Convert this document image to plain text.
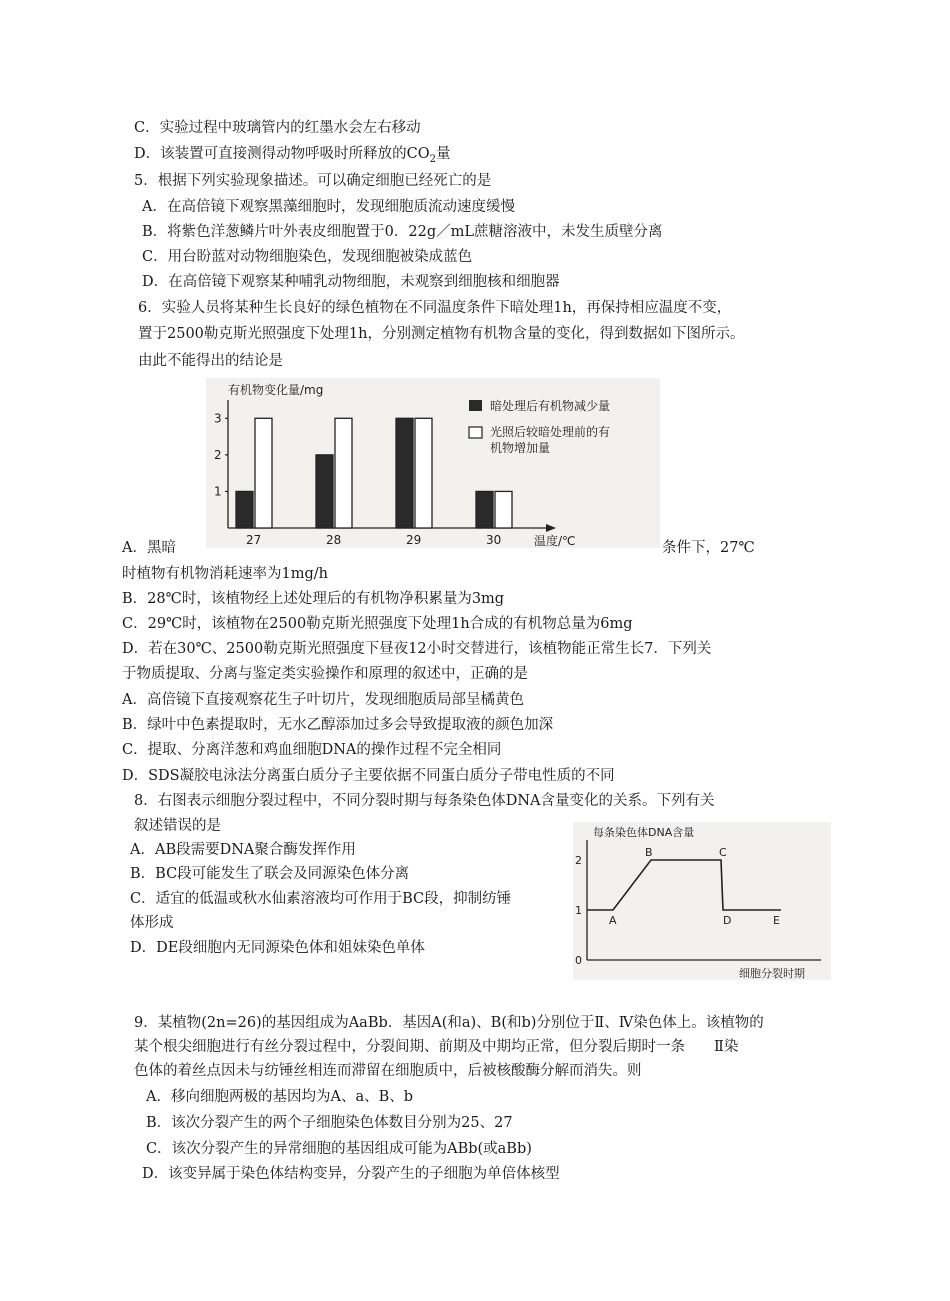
C．实验过程中玻璃管内的红墨水会左右移动
D．该装置可直接测得动物呼吸时所释放的$CO_2$量
5．根据下列实验现象描述。可以确定细胞已经死亡的是
A．在高倍镜下观察黑藻细胞时，发现细胞质流动速度缓慢
B．将紫色洋葱鳞片叶外表皮细胞置于0．22g／mL蔗糖溶液中，未发生质壁分离
C．用台盼蓝对动物细胞染色，发现细胞被染成蓝色
D．在高倍镜下观察某种哺乳动物细胞，未观察到细胞核和细胞器
6．实验人员将某种生长良好的绿色植物在不同温度条件下暗处理1h，再保持相应温度不变，
置于2500勒克斯光照强度下处理1h，分别测定植物有机物含量的变化，得到数据如下图所示。
由此不能得出的结论是
有机物变化量/mg
1
2
3
27	28	29	30	温度/℃
暗处理后有机物减少量
光照后较暗处理前的有
机物增加量
A．黑暗	条件下，27℃
时植物有机物消耗速率为1mg/h
B．28℃时，该植物经上述处理后的有机物净积累量为3mg
C．29℃时，该植物在2500勒克斯光照强度下处理1h合成的有机物总量为6mg
D．若在30℃、2500勒克斯光照强度下昼夜12小时交替进行，该植物能正常生长7．下列关
于物质提取、分离与鉴定类实验操作和原理的叙述中，正确的是
A．高倍镜下直接观察花生子叶切片，发现细胞质局部呈橘黄色
B．绿叶中色素提取时，无水乙醇添加过多会导致提取液的颜色加深
C．提取、分离洋葱和鸡血细胞DNA的操作过程不完全相同
D．SDS凝胶电泳法分离蛋白质分子主要依据不同蛋白质分子带电性质的不同
8．右图表示细胞分裂过程中，不同分裂时期与每条染色体DNA含量变化的关系。下列有关
叙述错误的是
A．AB段需要DNA聚合酶发挥作用
B．BC段可能发生了联会及同源染色体分离
C．适宜的低温或秋水仙素溶液均可作用于BC段，抑制纺锤
体形成
D．DE段细胞内无同源染色体和姐妹染色单体
每条染色体DNA含量
0
1
2
A
B	C
D	E
细胞分裂时期
9．某植物(2n=26)的基因组成为AaBb．基因A(和a)、B(和b)分别位于Ⅱ、Ⅳ染色体上。该植物的
某个根尖细胞进行有丝分裂过程中，分裂间期、前期及中期均正常，但分裂后期时一条　　Ⅱ染
色体的着丝点因未与纺锤丝相连而滞留在细胞质中，后被核酸酶分解而消失。则
A．移向细胞两极的基因均为A、a、B、b
B．该次分裂产生的两个子细胞染色体数目分别为25、27
C．该次分裂产生的异常细胞的基因组成可能为ABb(或aBb)
D．该变异属于染色体结构变异，分裂产生的子细胞为单倍体核型
